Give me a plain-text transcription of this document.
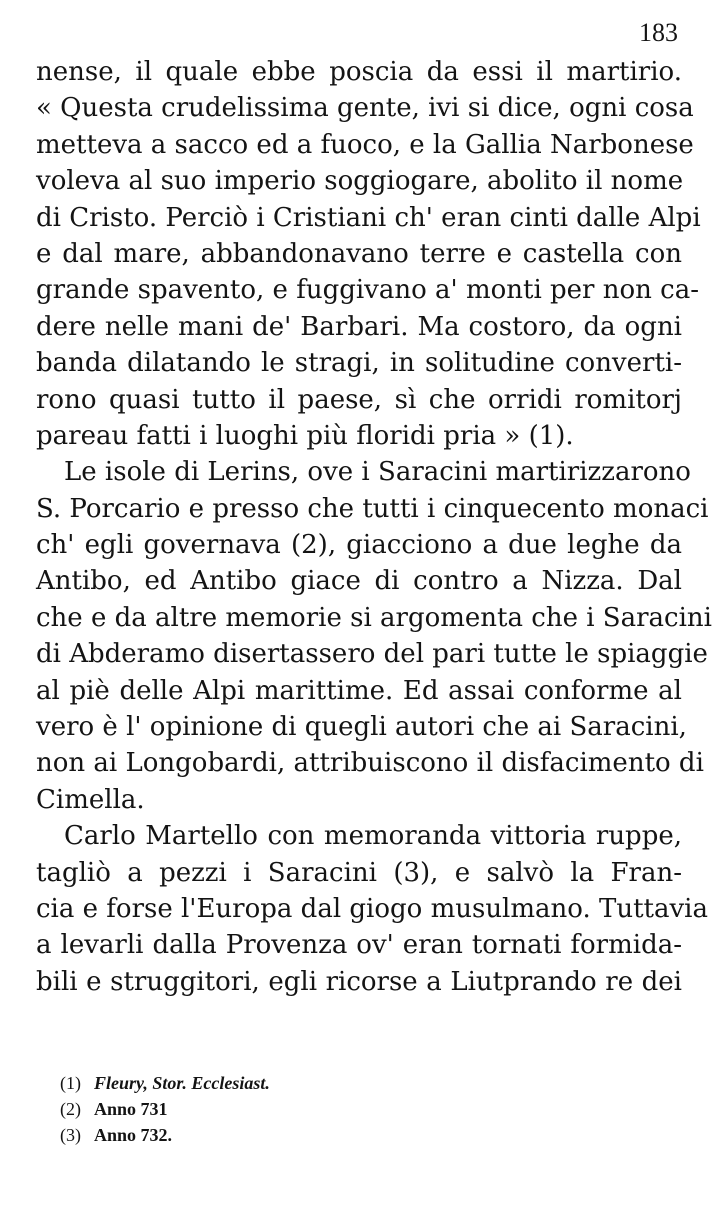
183
nense, il quale ebbe poscia da essi il martirio.
« Questa crudelissima gente, ivi si dice, ogni cosa
metteva a sacco ed a fuoco, e la Gallia Narbonese
voleva al suo imperio soggiogare, abolito il nome
di Cristo. Perciò i Cristiani ch' eran cinti dalle Alpi
e dal mare, abbandonavano terre e castella con
grande spavento, e fuggivano a' monti per non ca-
dere nelle mani de' Barbari. Ma costoro, da ogni
banda dilatando le stragi, in solitudine converti-
rono quasi tutto il paese, sì che orridi romitorj
pareau fatti i luoghi più floridi pria » (1).
Le isole di Lerins, ove i Saracini martirizzarono
S. Porcario e presso che tutti i cinquecento monaci
ch' egli governava (2), giacciono a due leghe da
Antibo, ed Antibo giace di contro a Nizza. Dal
che e da altre memorie si argomenta che i Saracini
di Abderamo disertassero del pari tutte le spiaggie
al piè delle Alpi marittime. Ed assai conforme al
vero è l' opinione di quegli autori che ai Saracini,
non ai Longobardi, attribuiscono il disfacimento di
Cimella.
Carlo Martello con memoranda vittoria ruppe,
tagliò a pezzi i Saracini (3), e salvò la Fran-
cia e forse l'Europa dal giogo musulmano. Tuttavia
a levarli dalla Provenza ov' eran tornati formida-
bili e struggitori, egli ricorse a Liutprando re dei
(1) Fleury, Stor. Ecclesiast.
(2) Anno 731
(3) Anno 732.
